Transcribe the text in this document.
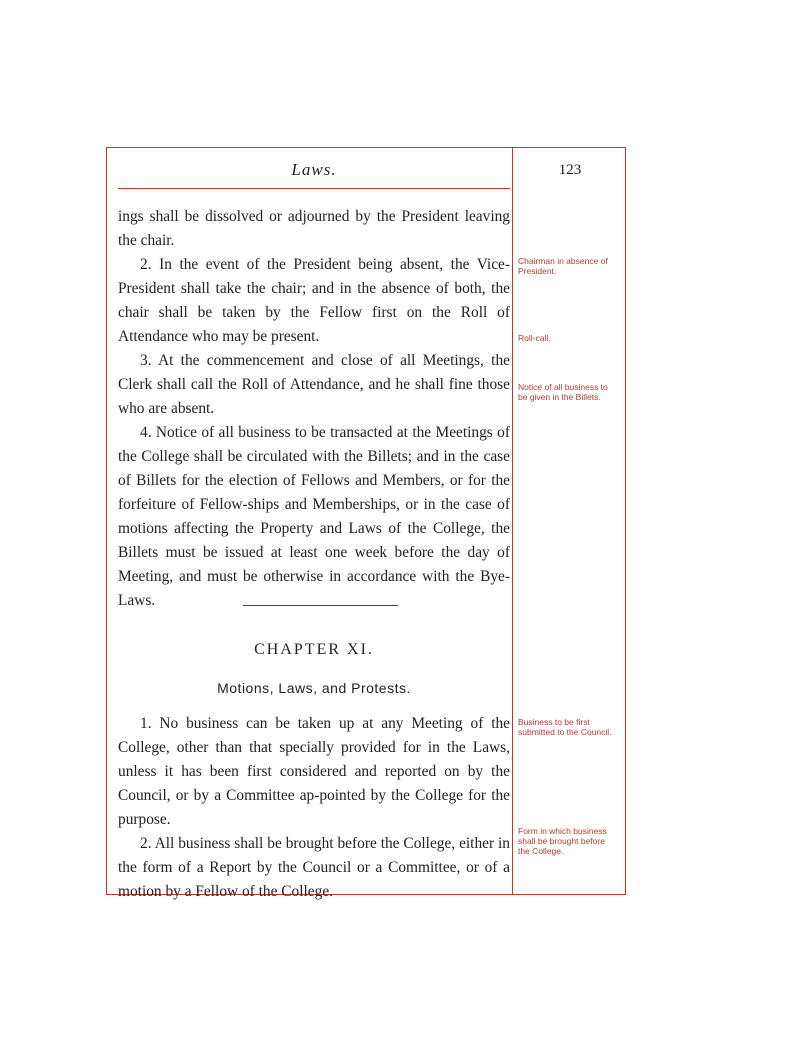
Laws.	123

ings shall be dissolved or adjourned by the President leaving the chair.

2. In the event of the President being absent, the Vice-President shall take the chair; and in the absence of both, the chair shall be taken by the Fellow first on the Roll of Attendance who may be present.

3. At the commencement and close of all Meetings, the Clerk shall call the Roll of Attendance, and he shall fine those who are absent.

4. Notice of all business to be transacted at the Meetings of the College shall be circulated with the Billets; and in the case of Billets for the election of Fellows and Members, or for the forfeiture of Fellow-ships and Memberships, or in the case of motions affecting the Property and Laws of the College, the Billets must be issued at least one week before the day of Meeting, and must be otherwise in accordance with the Bye-Laws.

CHAPTER XI.
Motions, Laws, and Protests.

1. No business can be taken up at any Meeting of the College, other than that specially provided for in the Laws, unless it has been first considered and reported on by the Council, or by a Committee ap-pointed by the College for the purpose.

2. All business shall be brought before the College, either in the form of a Report by the Council or a Committee, or of a motion by a Fellow of the College.

Chairman in absence of President.
Roll-call.
Notice of all business to be given in the Billets.
Business to be first submitted to the Council.
Form in which business shall be brought before the College.
